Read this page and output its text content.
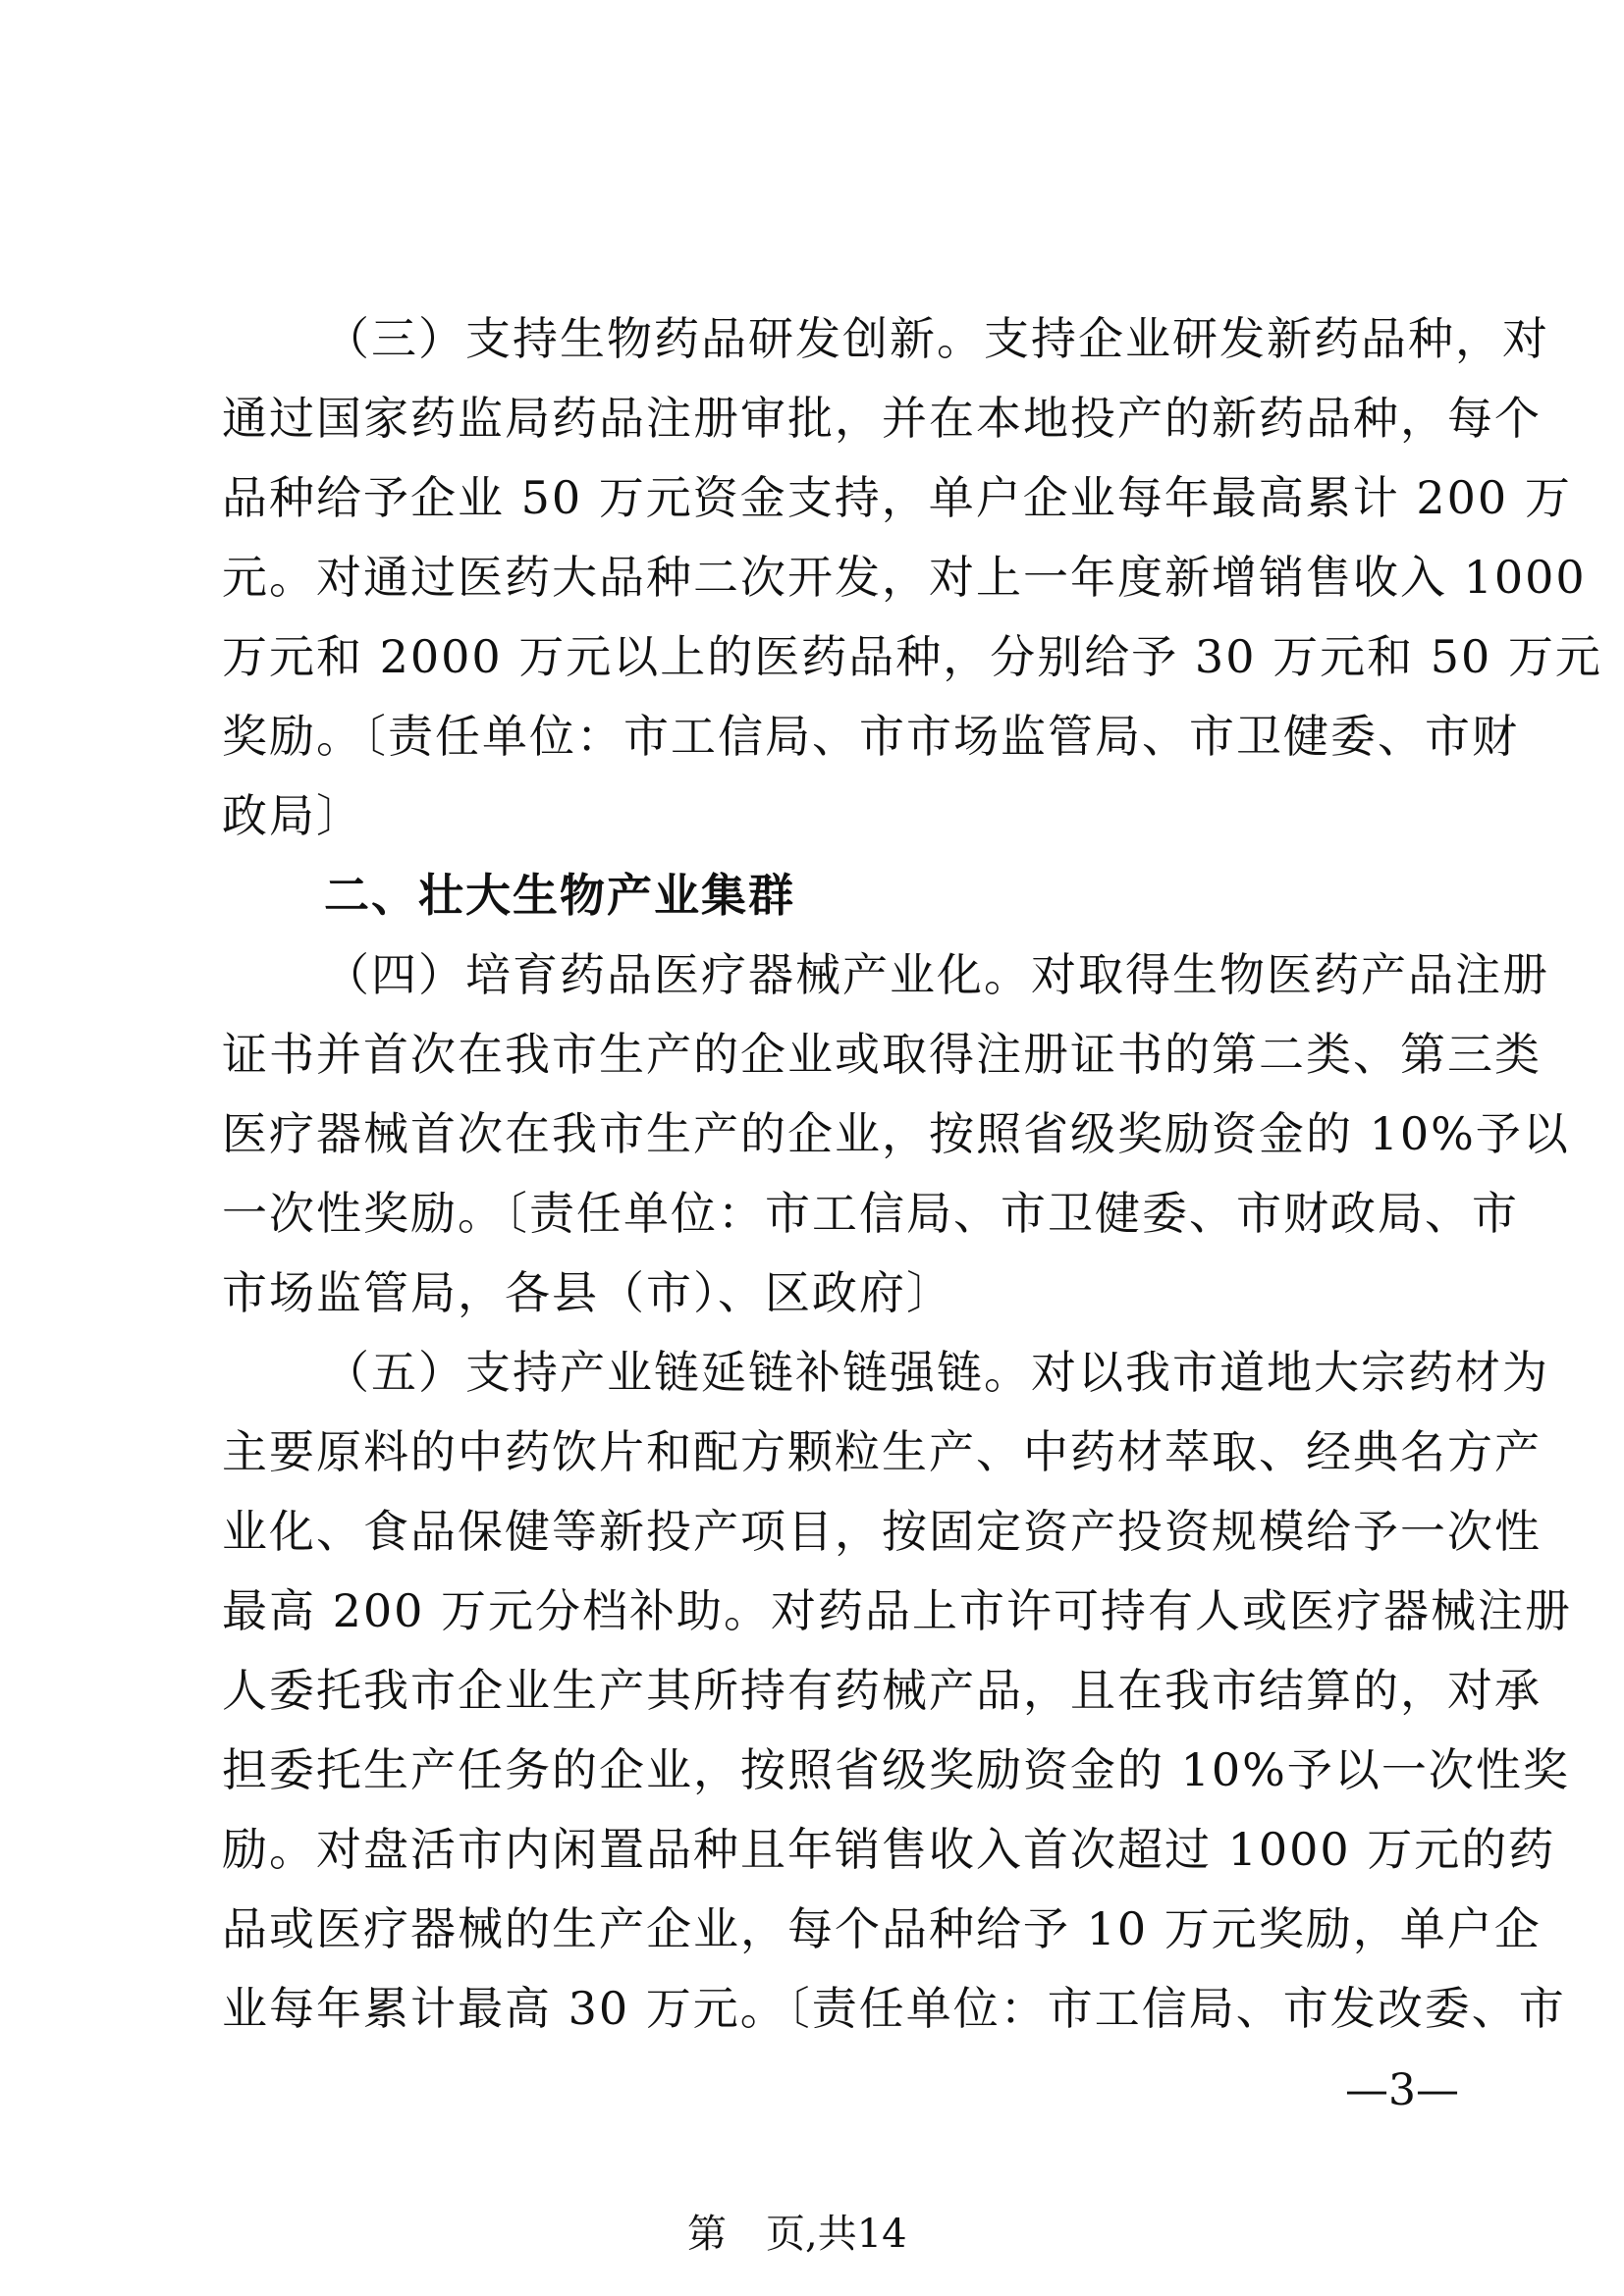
（三）支持生物药品研发创新。支持企业研发新药品种，对
通过国家药监局药品注册审批，并在本地投产的新药品种，每个
品种给予企业 50 万元资金支持，单户企业每年最高累计 200 万
元。对通过医药大品种二次开发，对上一年度新增销售收入 1000
万元和 2000 万元以上的医药品种，分别给予 30 万元和 50 万元
奖励。〔责任单位：市工信局、市市场监管局、市卫健委、市财
政局〕
二、壮大生物产业集群
（四）培育药品医疗器械产业化。对取得生物医药产品注册
证书并首次在我市生产的企业或取得注册证书的第二类、第三类
医疗器械首次在我市生产的企业，按照省级奖励资金的 10%予以
一次性奖励。〔责任单位：市工信局、市卫健委、市财政局、市
市场监管局，各县（市）、区政府〕
（五）支持产业链延链补链强链。对以我市道地大宗药材为
主要原料的中药饮片和配方颗粒生产、中药材萃取、经典名方产
业化、食品保健等新投产项目，按固定资产投资规模给予一次性
最高 200 万元分档补助。对药品上市许可持有人或医疗器械注册
人委托我市企业生产其所持有药械产品，且在我市结算的，对承
担委托生产任务的企业，按照省级奖励资金的 10%予以一次性奖
励。对盘活市内闲置品种且年销售收入首次超过 1000 万元的药
品或医疗器械的生产企业，每个品种给予 10 万元奖励，单户企
业每年累计最高 30 万元。〔责任单位：市工信局、市发改委、市
—3—
第　页,共14
